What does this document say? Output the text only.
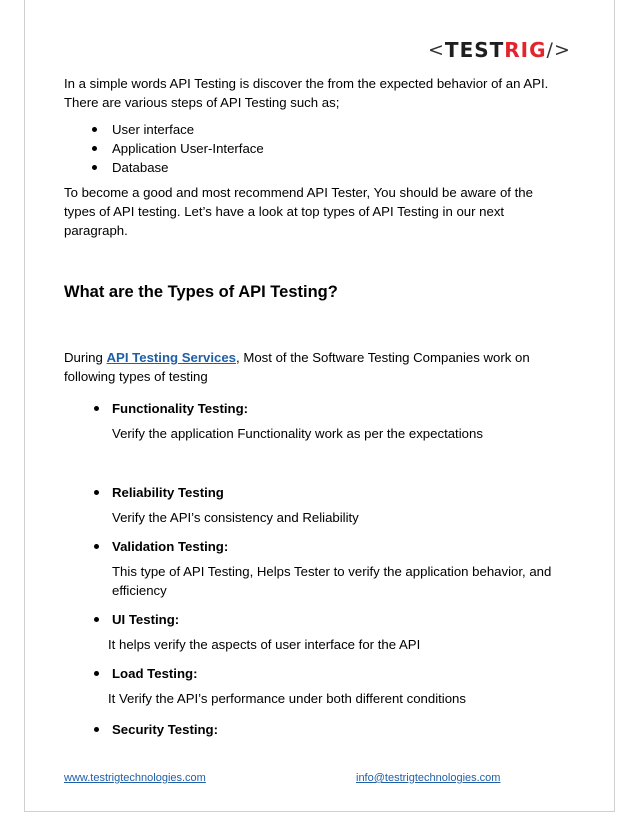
< TEST RIG />

In a simple words API Testing is discover the from the expected behavior of an API. There are various steps of API Testing such as;

User interface
Application User-Interface
Database

To become a good and most recommend API Tester, You should be aware of the types of API testing. Let’s have a look at top types of API Testing in our next paragraph.

What are the Types of API Testing?

During API Testing Services, Most of the Software Testing Companies work on following types of testing

Functionality Testing:
Verify the application Functionality work as per the expectations
Reliability Testing
Verify the API’s consistency and Reliability
Validation Testing:
This type of API Testing, Helps Tester to verify the application behavior, and efficiency
UI Testing:
It helps verify the aspects of user interface for the API
Load Testing:
It Verify the API’s performance under both different conditions
Security Testing:
www.testrigtechnologies.com	info@testrigtechnologies.com
